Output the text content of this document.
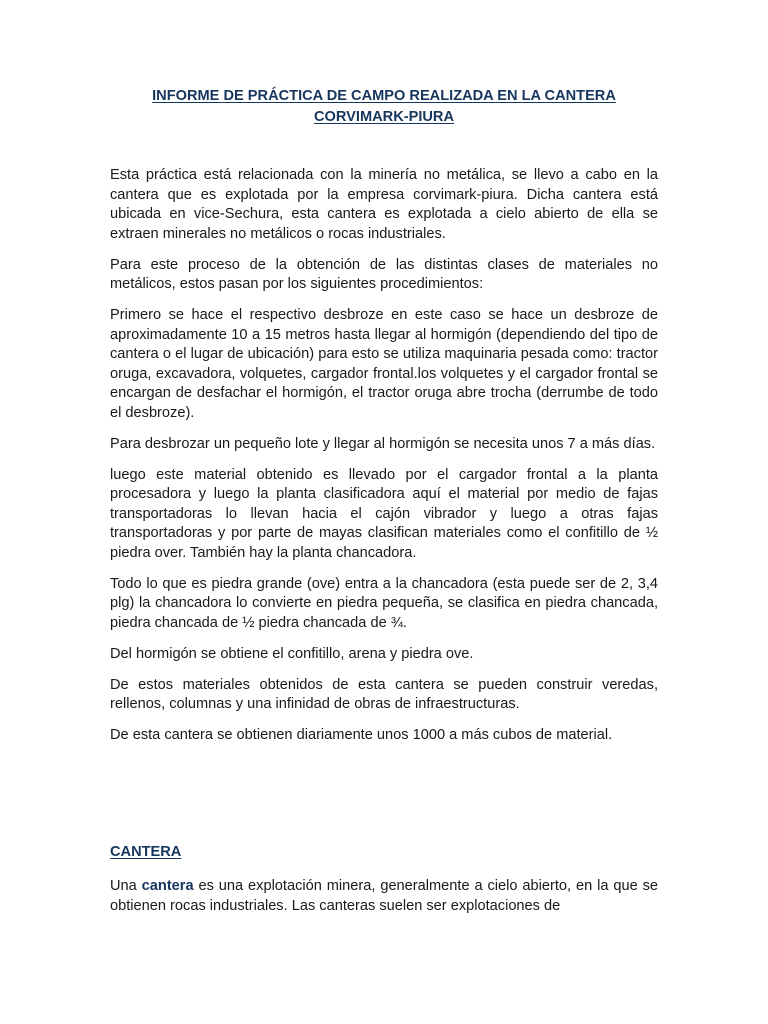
INFORME DE PRÁCTICA DE CAMPO REALIZADA EN LA CANTERA
CORVIMARK-PIURA

Esta práctica está relacionada con la minería no metálica, se llevo a cabo en la cantera que es explotada por la empresa corvimark-piura. Dicha cantera está ubicada en vice-Sechura, esta cantera es explotada a cielo abierto de ella se extraen minerales no metálicos o rocas industriales.

Para este proceso de la obtención de las distintas clases de materiales no metálicos, estos pasan por los siguientes procedimientos:

Primero se hace el respectivo desbroze en este caso se hace un desbroze de aproximadamente 10 a 15 metros hasta llegar al hormigón (dependiendo del tipo de cantera o el lugar de ubicación) para esto se utiliza maquinaria pesada como: tractor oruga, excavadora, volquetes, cargador frontal.los volquetes y el cargador frontal se encargan de desfachar el hormigón, el tractor oruga abre trocha (derrumbe de todo el desbroze).

Para desbrozar un pequeño lote y llegar al hormigón se necesita unos 7 a más días.

luego este material obtenido es llevado por el cargador frontal a la planta procesadora y luego la planta clasificadora aquí el material por medio de fajas transportadoras lo llevan hacia el cajón vibrador y luego a otras fajas transportadoras y por parte de mayas clasifican materiales como el confitillo de ½ piedra over. También hay la planta chancadora.

Todo lo que es piedra grande (ove) entra a la chancadora (esta puede ser de 2, 3,4 plg) la chancadora lo convierte en piedra pequeña, se clasifica en piedra chancada, piedra chancada de ½ piedra chancada de ¾.

Del hormigón se obtiene el confitillo, arena y piedra ove.

De estos materiales obtenidos de esta cantera se pueden construir veredas, rellenos, columnas y una infinidad de obras de infraestructuras.

De esta cantera se obtienen diariamente unos 1000 a más cubos de material.

CANTERA

Una cantera es una explotación minera, generalmente a cielo abierto, en la que se obtienen rocas industriales. Las canteras suelen ser explotaciones de
